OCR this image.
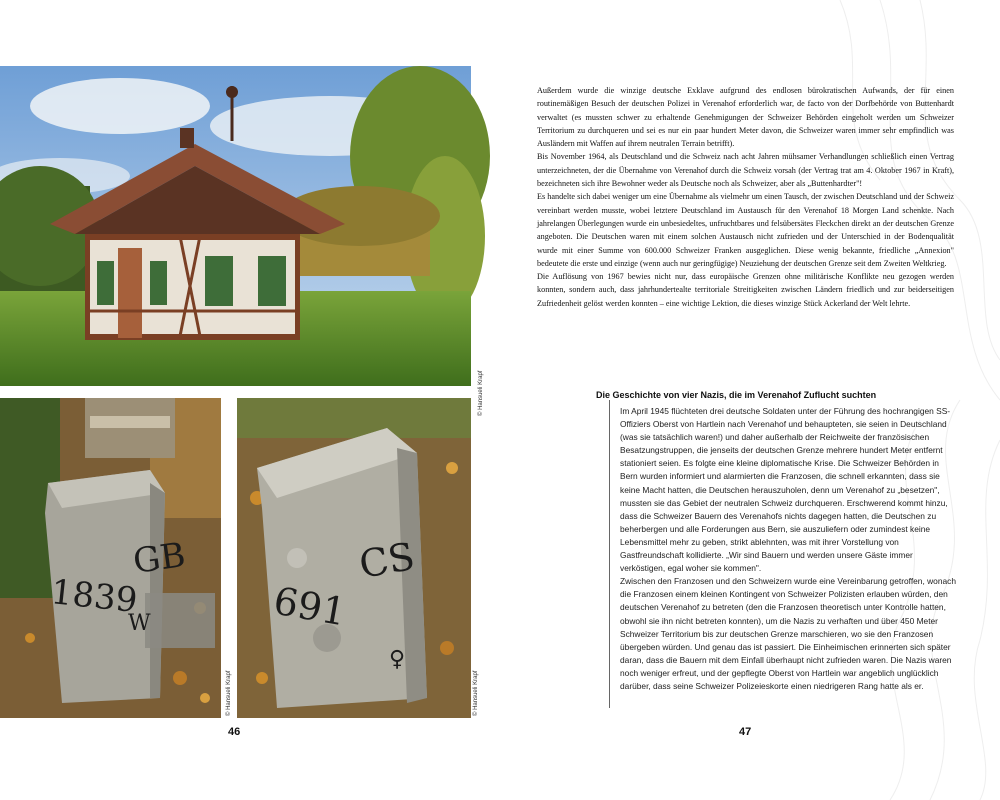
© Hansueli Krapf
GB
1839
W
© Hansueli Krapf
CS
691
♀
© Hansueli Krapf
46	47

Außerdem wurde die winzige deutsche Exklave aufgrund des endlosen bürokratischen Aufwands, der für einen routinemäßigen Besuch der deutschen Polizei in Verenahof erforderlich war, de facto von der Dorfbehörde von Buttenhardt verwaltet (es mussten schwer zu erhaltende Genehmigungen der Schweizer Behörden eingeholt werden um Schweizer Territorium zu durchqueren und sei es nur ein paar hundert Meter davon, die Schweizer waren immer sehr empfindlich was Ausländern mit Waffen auf ihrem neutralen Terrain betrifft).

Bis November 1964, als Deutschland und die Schweiz nach acht Jahren mühsamer Verhandlungen schließlich einen Vertrag unterzeichneten, der die Übernahme von Verenahof durch die Schweiz vorsah (der Vertrag trat am 4. Oktober 1967 in Kraft), bezeichneten sich ihre Bewohner weder als Deutsche noch als Schweizer, aber als „Buttenhardter"!

Es handelte sich dabei weniger um eine Übernahme als vielmehr um einen Tausch, der zwischen Deutschland und der Schweiz vereinbart werden musste, wobei letztere Deutschland im Austausch für den Verenahof 18 Morgen Land schenkte. Nach jahrelangen Überlegungen wurde ein unbesiedeltes, unfruchtbares und felsübersätes Fleckchen direkt an der deutschen Grenze angeboten. Die Deutschen waren mit einem solchen Austausch nicht zufrieden und der Unterschied in der Bodenqualität wurde mit einer Summe von 600.000 Schweizer Franken ausgeglichen. Diese wenig bekannte, friedliche „Annexion" bedeutete die erste und einzige (wenn auch nur geringfügige) Neuziehung der deutschen Grenze seit dem Zweiten Weltkrieg.

Die Auflösung von 1967 bewies nicht nur, dass europäische Grenzen ohne militärische Konflikte neu gezogen werden konnten, sondern auch, dass jahrhundertealte territoriale Streitigkeiten zwischen Ländern friedlich und zur beiderseitigen Zufriedenheit gelöst werden konnten – eine wichtige Lektion, die dieses winzige Stück Ackerland der Welt lehrte.

Die Geschichte von vier Nazis, die im Verenahof Zuflucht suchten

Im April 1945 flüchteten drei deutsche Soldaten unter der Führung des hochrangigen SS-Offiziers Oberst von Hartlein nach Verenahof und behaupteten, sie seien in Deutschland (was sie tatsächlich waren!) und daher außerhalb der Reichweite der französischen Besatzungstruppen, die jenseits der deutschen Grenze mehrere hundert Meter entfernt stationiert seien. Es folgte eine kleine diplomatische Krise. Die Schweizer Behörden in Bern wurden informiert und alarmierten die Franzosen, die schnell erkannten, dass sie keine Macht hatten, die Deutschen herauszuholen, denn um Verenahof zu „besetzen", mussten sie das Gebiet der neutralen Schweiz durchqueren. Erschwerend kommt hinzu, dass die Schweizer Bauern des Verenahofs nichts dagegen hatten, die Deutschen zu beherbergen und alle Forderungen aus Bern, sie auszuliefern oder zumindest keine Lebensmittel mehr zu geben, strikt ablehnten, was mit ihrer Vorstellung von Gastfreundschaft kollidierte. „Wir sind Bauern und werden unsere Gäste immer verköstigen, egal woher sie kommen".

Zwischen den Franzosen und den Schweizern wurde eine Vereinbarung getroffen, wonach die Franzosen einem kleinen Kontingent von Schweizer Polizisten erlauben würden, den deutschen Verenahof zu betreten (den die Franzosen theoretisch unter Kontrolle hatten, obwohl sie ihn nicht betreten konnten), um die Nazis zu verhaften und über 450 Meter Schweizer Territorium bis zur deutschen Grenze marschieren, wo sie den Franzosen übergeben würden. Und genau das ist passiert. Die Einheimischen erinnerten sich später daran, dass die Bauern mit dem Einfall überhaupt nicht zufrieden waren. Die Nazis waren noch weniger erfreut, und der gepflegte Oberst von Hartlein war angeblich unglücklich darüber, dass seine Schweizer Polizeieskorte einen niedrigeren Rang hatte als er.
